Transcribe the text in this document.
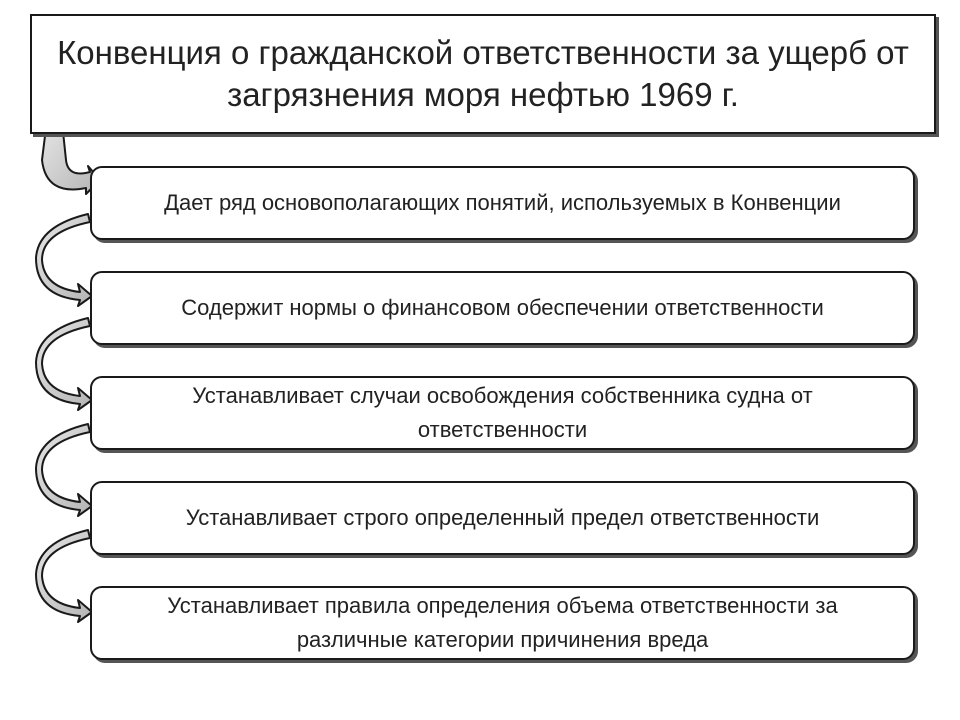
Конвенция о гражданской ответственности за ущерб от загрязнения моря нефтью 1969 г.
Дает ряд основополагающих понятий, используемых в Конвенции
Содержит нормы о финансовом обеспечении ответственности
Устанавливает случаи освобождения собственника судна от ответственности
Устанавливает строго определенный предел ответственности
Устанавливает правила определения объема ответственности за различные категории причинения вреда
